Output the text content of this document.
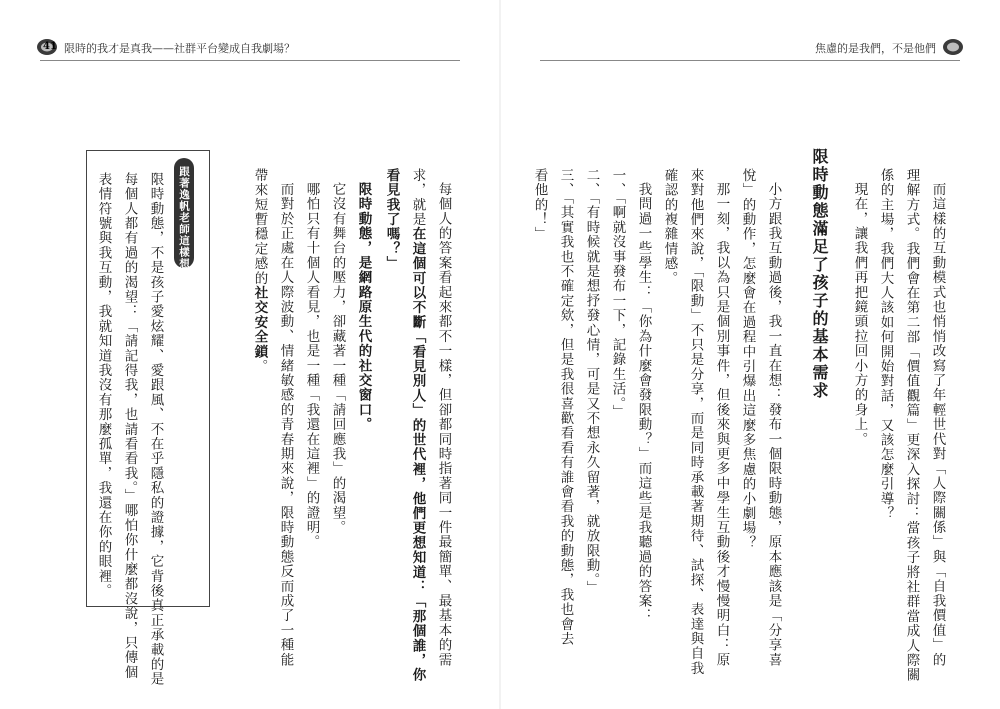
41 限時的我才是真我——社群平台變成自我劇場？
每個人的答案看起來都不一樣，但卻都同時指著同一件最簡單、最基本的需
求，就是在這個可以不斷「看見別人」的世代裡，他們更想知道：「那個誰，你
看見我了嗎？」
限時動態，是網路原生代的社交窗口。
它沒有舞台的壓力，卻藏著一種「請回應我」的渴望。
哪怕只有十個人看見，也是一種「我還在這裡」的證明。
而對於正處在人際波動、情緒敏感的青春期來說，限時動態反而成了一種能
帶來短暫穩定感的社交安全鎖。
跟著逸帆老師這樣想
限時動態，不是孩子愛炫耀、愛跟風、不在乎隱私的證據，它背後真正承載的是
每個人都有過的渴望：「請記得我，也請看看我。」哪怕你什麼都沒說，只傳個
表情符號與我互動，我就知道我沒有那麼孤單，我還在你的眼裡。
焦慮的是我們，不是他們
而這樣的互動模式也悄悄改寫了年輕世代對「人際關係」與「自我價值」的
理解方式。我們會在第二部「價值觀篇」更深入探討：當孩子將社群當成人際關
係的主場，我們大人該如何開始對話，又該怎麼引導？
現在，讓我們再把鏡頭拉回小方的身上。
限時動態滿足了孩子的基本需求
小方跟我互動過後，我一直在想：發布一個限時動態，原本應該是「分享喜
悅」的動作，怎麼會在過程中引爆出這麼多焦慮的小劇場？
那一刻，我以為只是個別事件，但後來與更多中學生互動後才慢慢明白：原
來對他們來說，「限動」不只是分享，而是同時承載著期待、試探、表達與自我
確認的複雜情感。
我問過一些學生：「你為什麼會發限動？」而這些是我聽過的答案：
一、「啊就沒事發布一下，記錄生活。」
二、「有時候就是想抒發心情，可是又不想永久留著，就放限動。」
三、「其實我也不確定欸，但是我很喜歡看看有誰會看我的動態，我也會去
看他的！」
